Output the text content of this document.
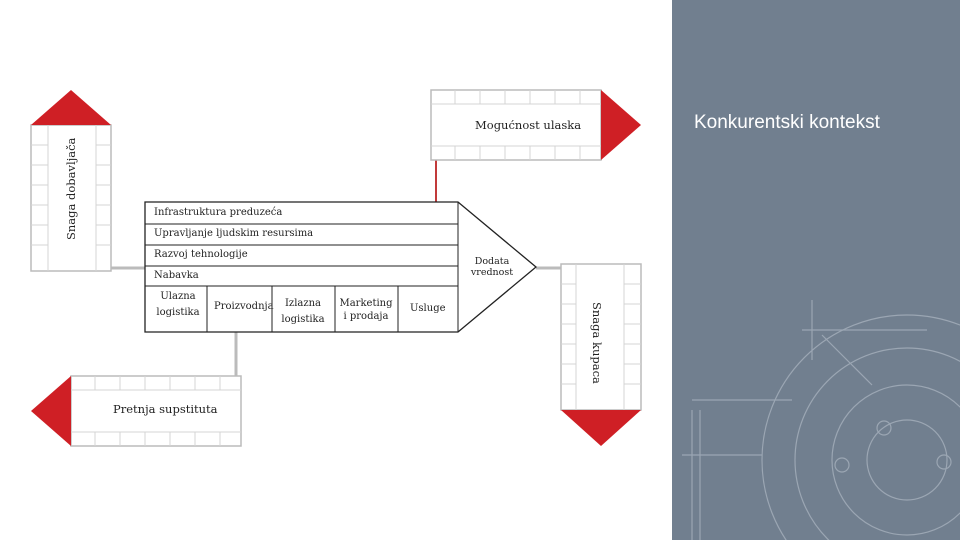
Konkurentski kontekst
Snaga dobavljača
Mogućnost ulaska
Pretnja supstituta
Snaga kupaca
Infrastruktura preduzeća
Upravljanje ljudskim resursima
Razvoj tehnologije
Nabavka
Ulazna
logistika	Proizvodnja	Izlazna
logistika
Marketing
i prodaja
Usluge
Dodata
vrednost
